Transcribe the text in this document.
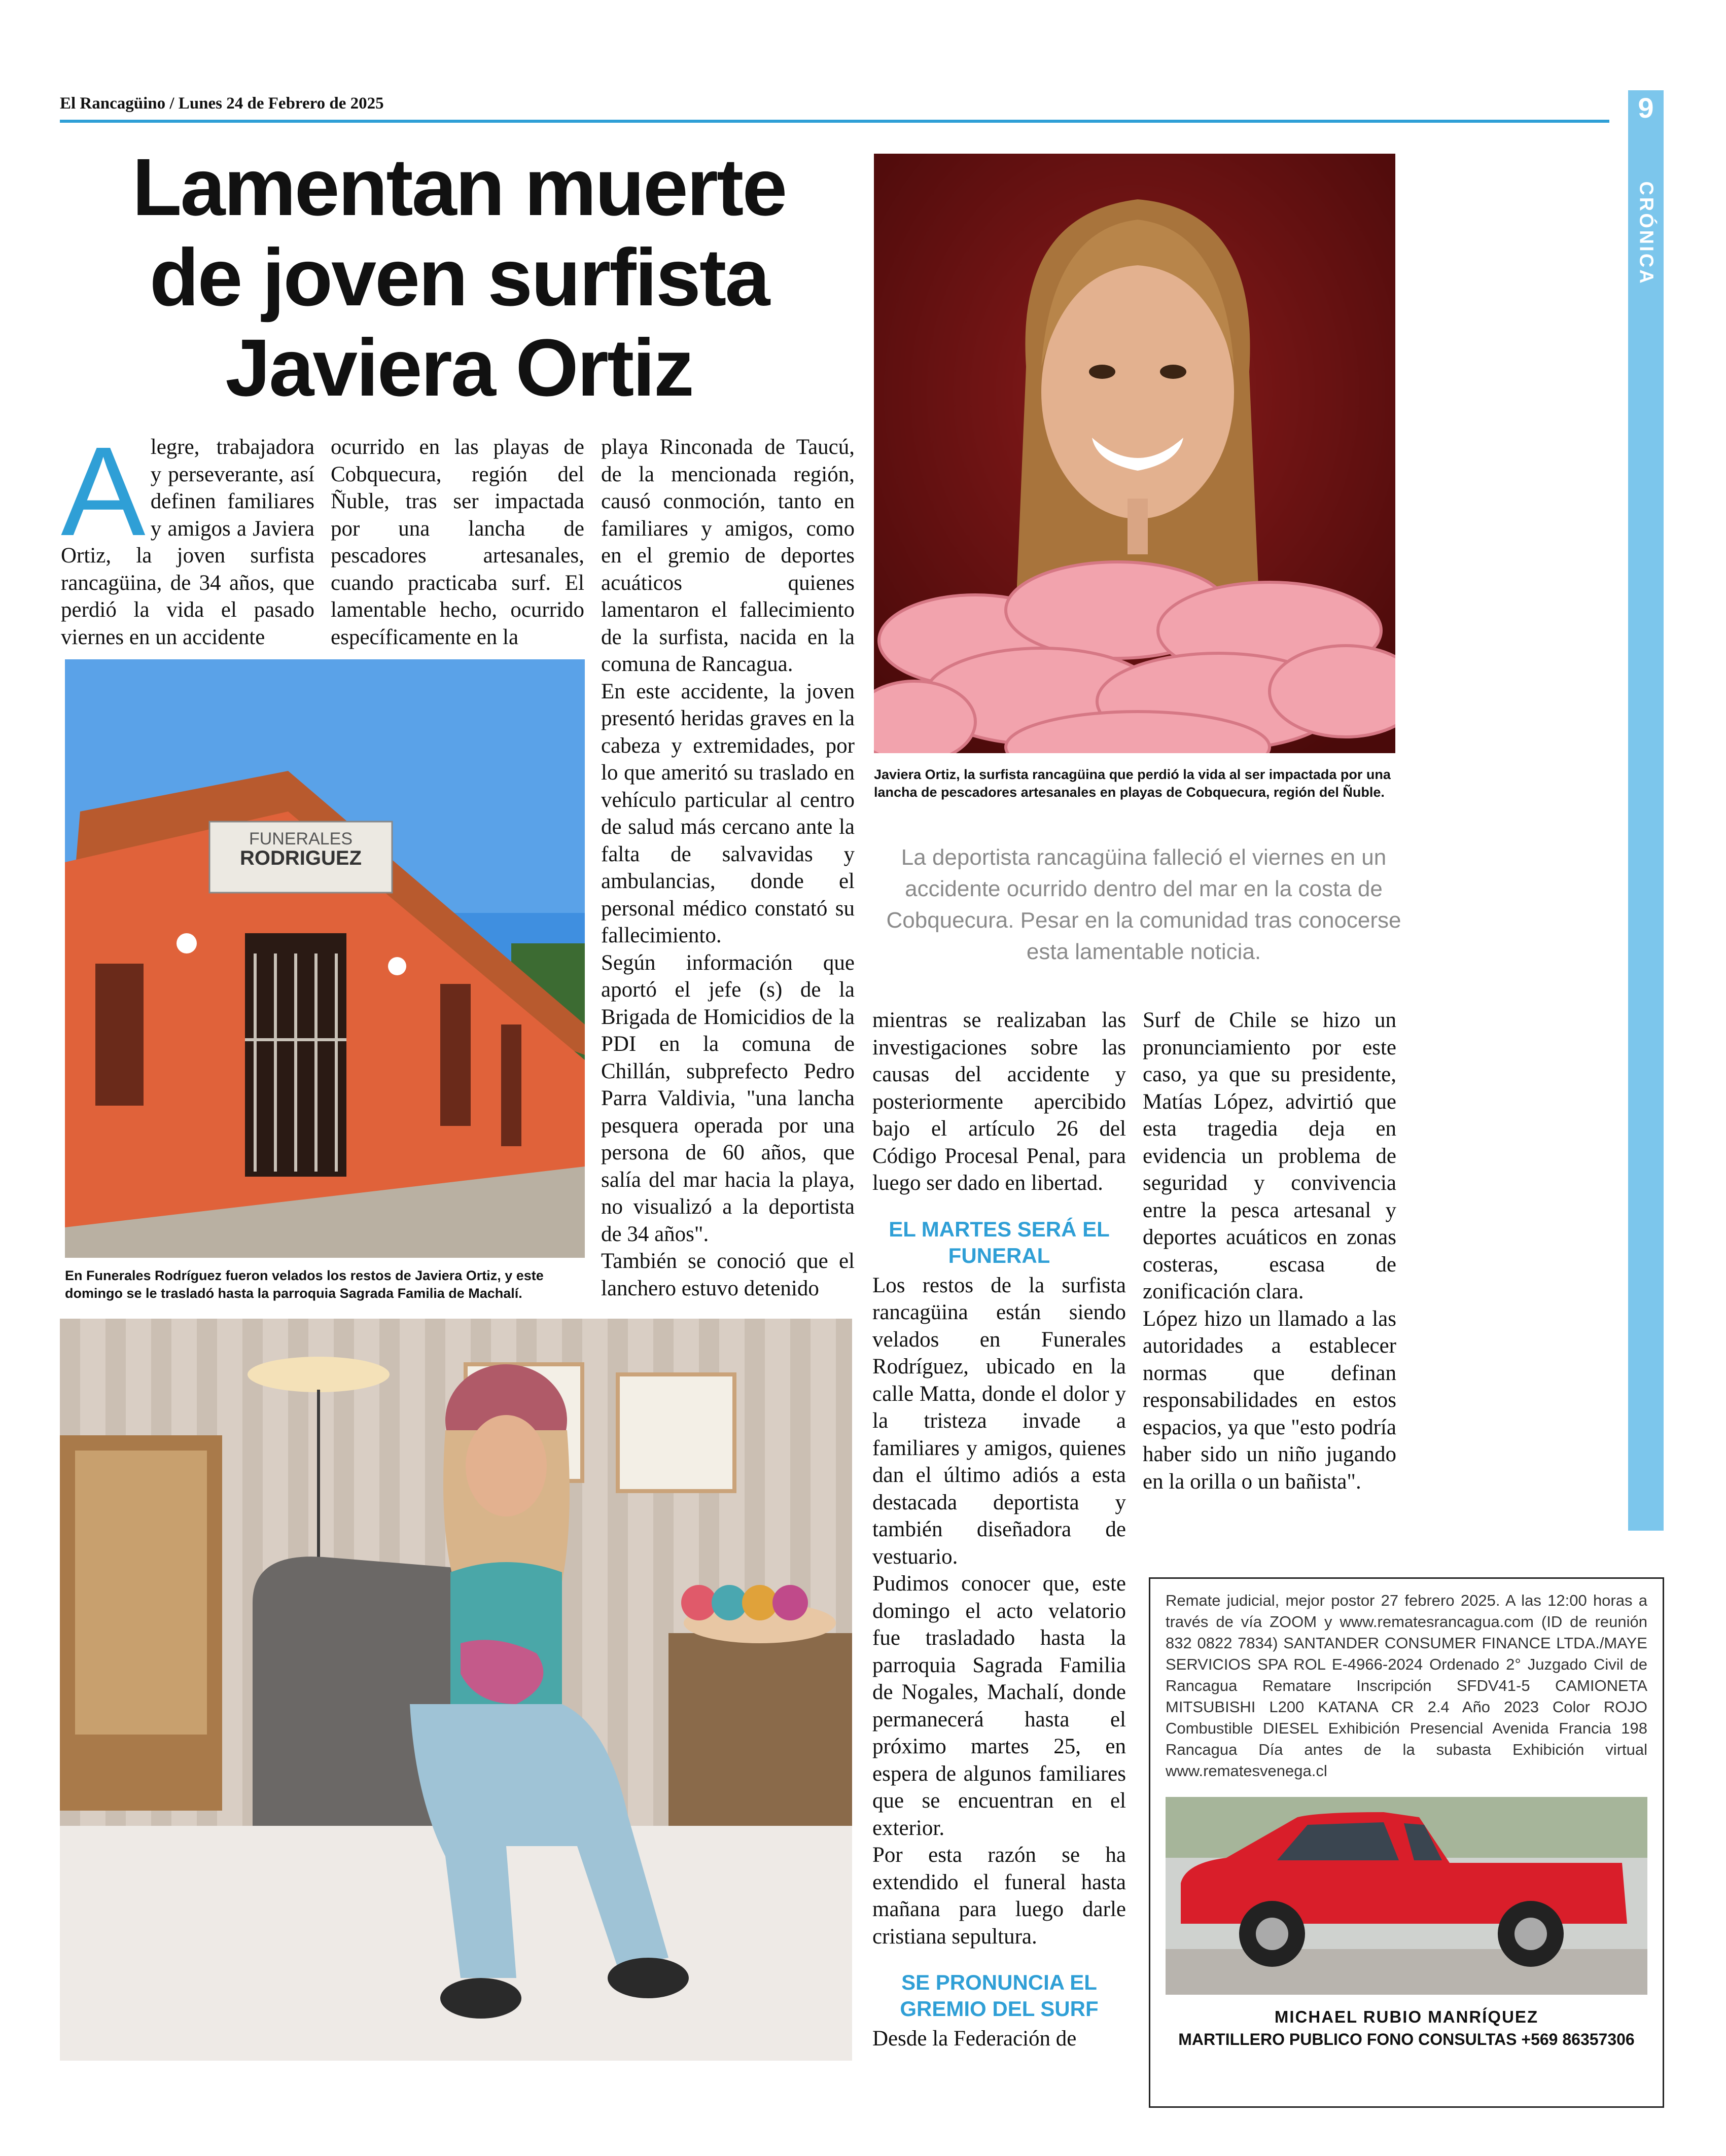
El Rancagüino / Lunes 24 de Febrero de 2025	9
CRÓNICA
Lamentan muerte
de joven surfista
Javiera Ortiz
A legre, trabajadora y perseverante, así definen familiares y amigos a Javiera Ortiz, la joven surfista rancagüina, de 34 años, que perdió la vida el pasado viernes en un accidente

ocurrido en las playas de Cobquecura, región del Ñuble, tras ser impactada por una lancha de pescadores artesanales, cuando practicaba surf. El lamentable hecho, ocurrido específicamente en la

playa Rinconada de Taucú, de la mencionada región, causó conmoción, tanto en familiares y amigos, como en el gremio de deportes acuáticos quienes lamentaron el fallecimiento de la surfista, nacida en la comuna de Rancagua.

En este accidente, la joven presentó heridas graves en la cabeza y extremidades, por lo que ameritó su traslado en vehículo particular al centro de salud más cercano ante la falta de salvavidas y ambulancias, donde el personal médico constató su fallecimiento.

Según información que aportó el jefe (s) de la Brigada de Homicidios de la PDI en la comuna de Chillán, subprefecto Pedro Parra Valdivia, "una lancha pesquera operada por una persona de 60 años, que salía del mar hacia la playa, no visualizó a la deportista de 34 años".

También se conoció que el lanchero estuvo detenido

mientras se realizaban las investigaciones sobre las causas del accidente y posteriormente apercibido bajo el artículo 26 del Código Procesal Penal, para luego ser dado en libertad.

EL MARTES SERÁ EL FUNERAL

Los restos de la surfista rancagüina están siendo velados en Funerales Rodríguez, ubicado en la calle Matta, donde el dolor y la tristeza invade a familiares y amigos, quienes dan el último adiós a esta destacada deportista y también diseñadora de vestuario.

Pudimos conocer que, este domingo el acto velatorio fue trasladado hasta la parroquia Sagrada Familia de Nogales, Machalí, donde permanecerá hasta el próximo martes 25, en espera de algunos familiares que se encuentran en el exterior.

Por esta razón se ha extendido el funeral hasta mañana para luego darle cristiana sepultura.

SE PRONUNCIA EL GREMIO DEL SURF

Desde la Federación de

Surf de Chile se hizo un pronunciamiento por este caso, ya que su presidente, Matías López, advirtió que esta tragedia deja en evidencia un problema de seguridad y convivencia entre la pesca artesanal y deportes acuáticos en zonas costeras, escasa de zonificación clara.

López hizo un llamado a las autoridades a establecer normas que definan responsabilidades en estos espacios, ya que "esto podría haber sido un niño jugando en la orilla o un bañista".

Javiera Ortiz, la surfista rancagüina que perdió la vida al ser impactada por una lancha de pescadores artesanales en playas de Cobquecura, región del Ñuble.
La deportista rancagüina falleció el viernes en un accidente ocurrido dentro del mar en la costa de Cobquecura. Pesar en la comunidad tras conocerse esta lamentable noticia.
FUNERALES
RODRIGUEZ
En Funerales Rodríguez fueron velados los restos de Javiera Ortiz, y este domingo se le trasladó hasta la parroquia Sagrada Familia de Machalí.
Remate judicial, mejor postor 27 febrero 2025. A las 12:00 horas a través de vía ZOOM y www.rematesrancagua.com (ID de reunión 832 0822 7834) SANTANDER CONSUMER FINANCE LTDA./MAYE SERVICIOS SPA ROL E-4966-2024 Ordenado 2° Juzgado Civil de Rancagua Rematare Inscripción SFDV41-5 CAMIONETA MITSUBISHI L200 KATANA CR 2.4 Año 2023 Color ROJO Combustible DIESEL Exhibición Presencial Avenida Francia 198 Rancagua Día antes de la subasta Exhibición virtual www.rematesvenega.cl
MICHAEL RUBIO MANRÍQUEZ
MARTILLERO PUBLICO FONO CONSULTAS +569 86357306
